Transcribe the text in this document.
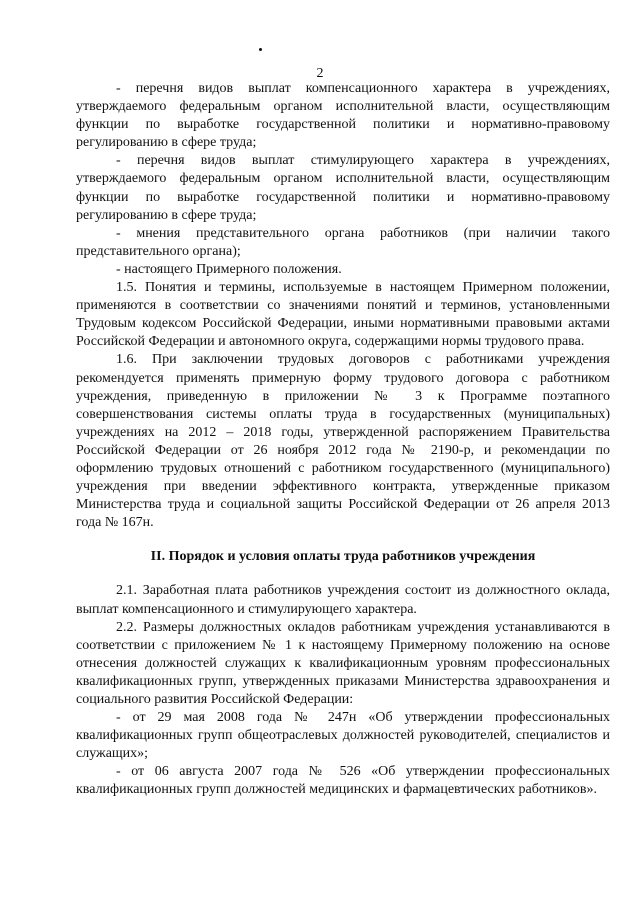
2

- перечня видов выплат компенсационного характера в учреждениях, утверждаемого федеральным органом исполнительной власти, осуществляющим функции по выработке государственной политики и нормативно-правовому регулированию в сфере труда;

- перечня видов выплат стимулирующего характера в учреждениях, утверждаемого федеральным органом исполнительной власти, осуществляющим функции по выработке государственной политики и нормативно-правовому регулированию в сфере труда;

- мнения представительного органа работников (при наличии такого представительного органа);

- настоящего Примерного положения.

1.5. Понятия и термины, используемые в настоящем Примерном положении, применяются в соответствии со значениями понятий и терминов, установленными Трудовым кодексом Российской Федерации, иными нормативными правовыми актами Российской Федерации и автономного округа, содержащими нормы трудового права.

1.6. При заключении трудовых договоров с работниками учреждения рекомендуется применять примерную форму трудового договора с работником учреждения, приведенную в приложении № 3 к Программе поэтапного совершенствования системы оплаты труда в государственных (муниципальных) учреждениях на 2012 – 2018 годы, утвержденной распоряжением Правительства Российской Федерации от 26 ноября 2012 года № 2190-р, и рекомендации по оформлению трудовых отношений с работником государственного (муниципального) учреждения при введении эффективного контракта, утвержденные приказом Министерства труда и социальной защиты Российской Федерации от 26 апреля 2013 года № 167н.

II. Порядок и условия оплаты труда работников учреждения

2.1. Заработная плата работников учреждения состоит из должностного оклада, выплат компенсационного и стимулирующего характера.

2.2. Размеры должностных окладов работникам учреждения устанавливаются в соответствии с приложением № 1 к настоящему Примерному положению на основе отнесения должностей служащих к квалификационным уровням профессиональных квалификационных групп, утвержденных приказами Министерства здравоохранения и социального развития Российской Федерации:

- от 29 мая 2008 года № 247н «Об утверждении профессиональных квалификационных групп общеотраслевых должностей руководителей, специалистов и служащих»;

- от 06 августа 2007 года № 526 «Об утверждении профессиональных квалификационных групп должностей медицинских и фармацевтических работников».
